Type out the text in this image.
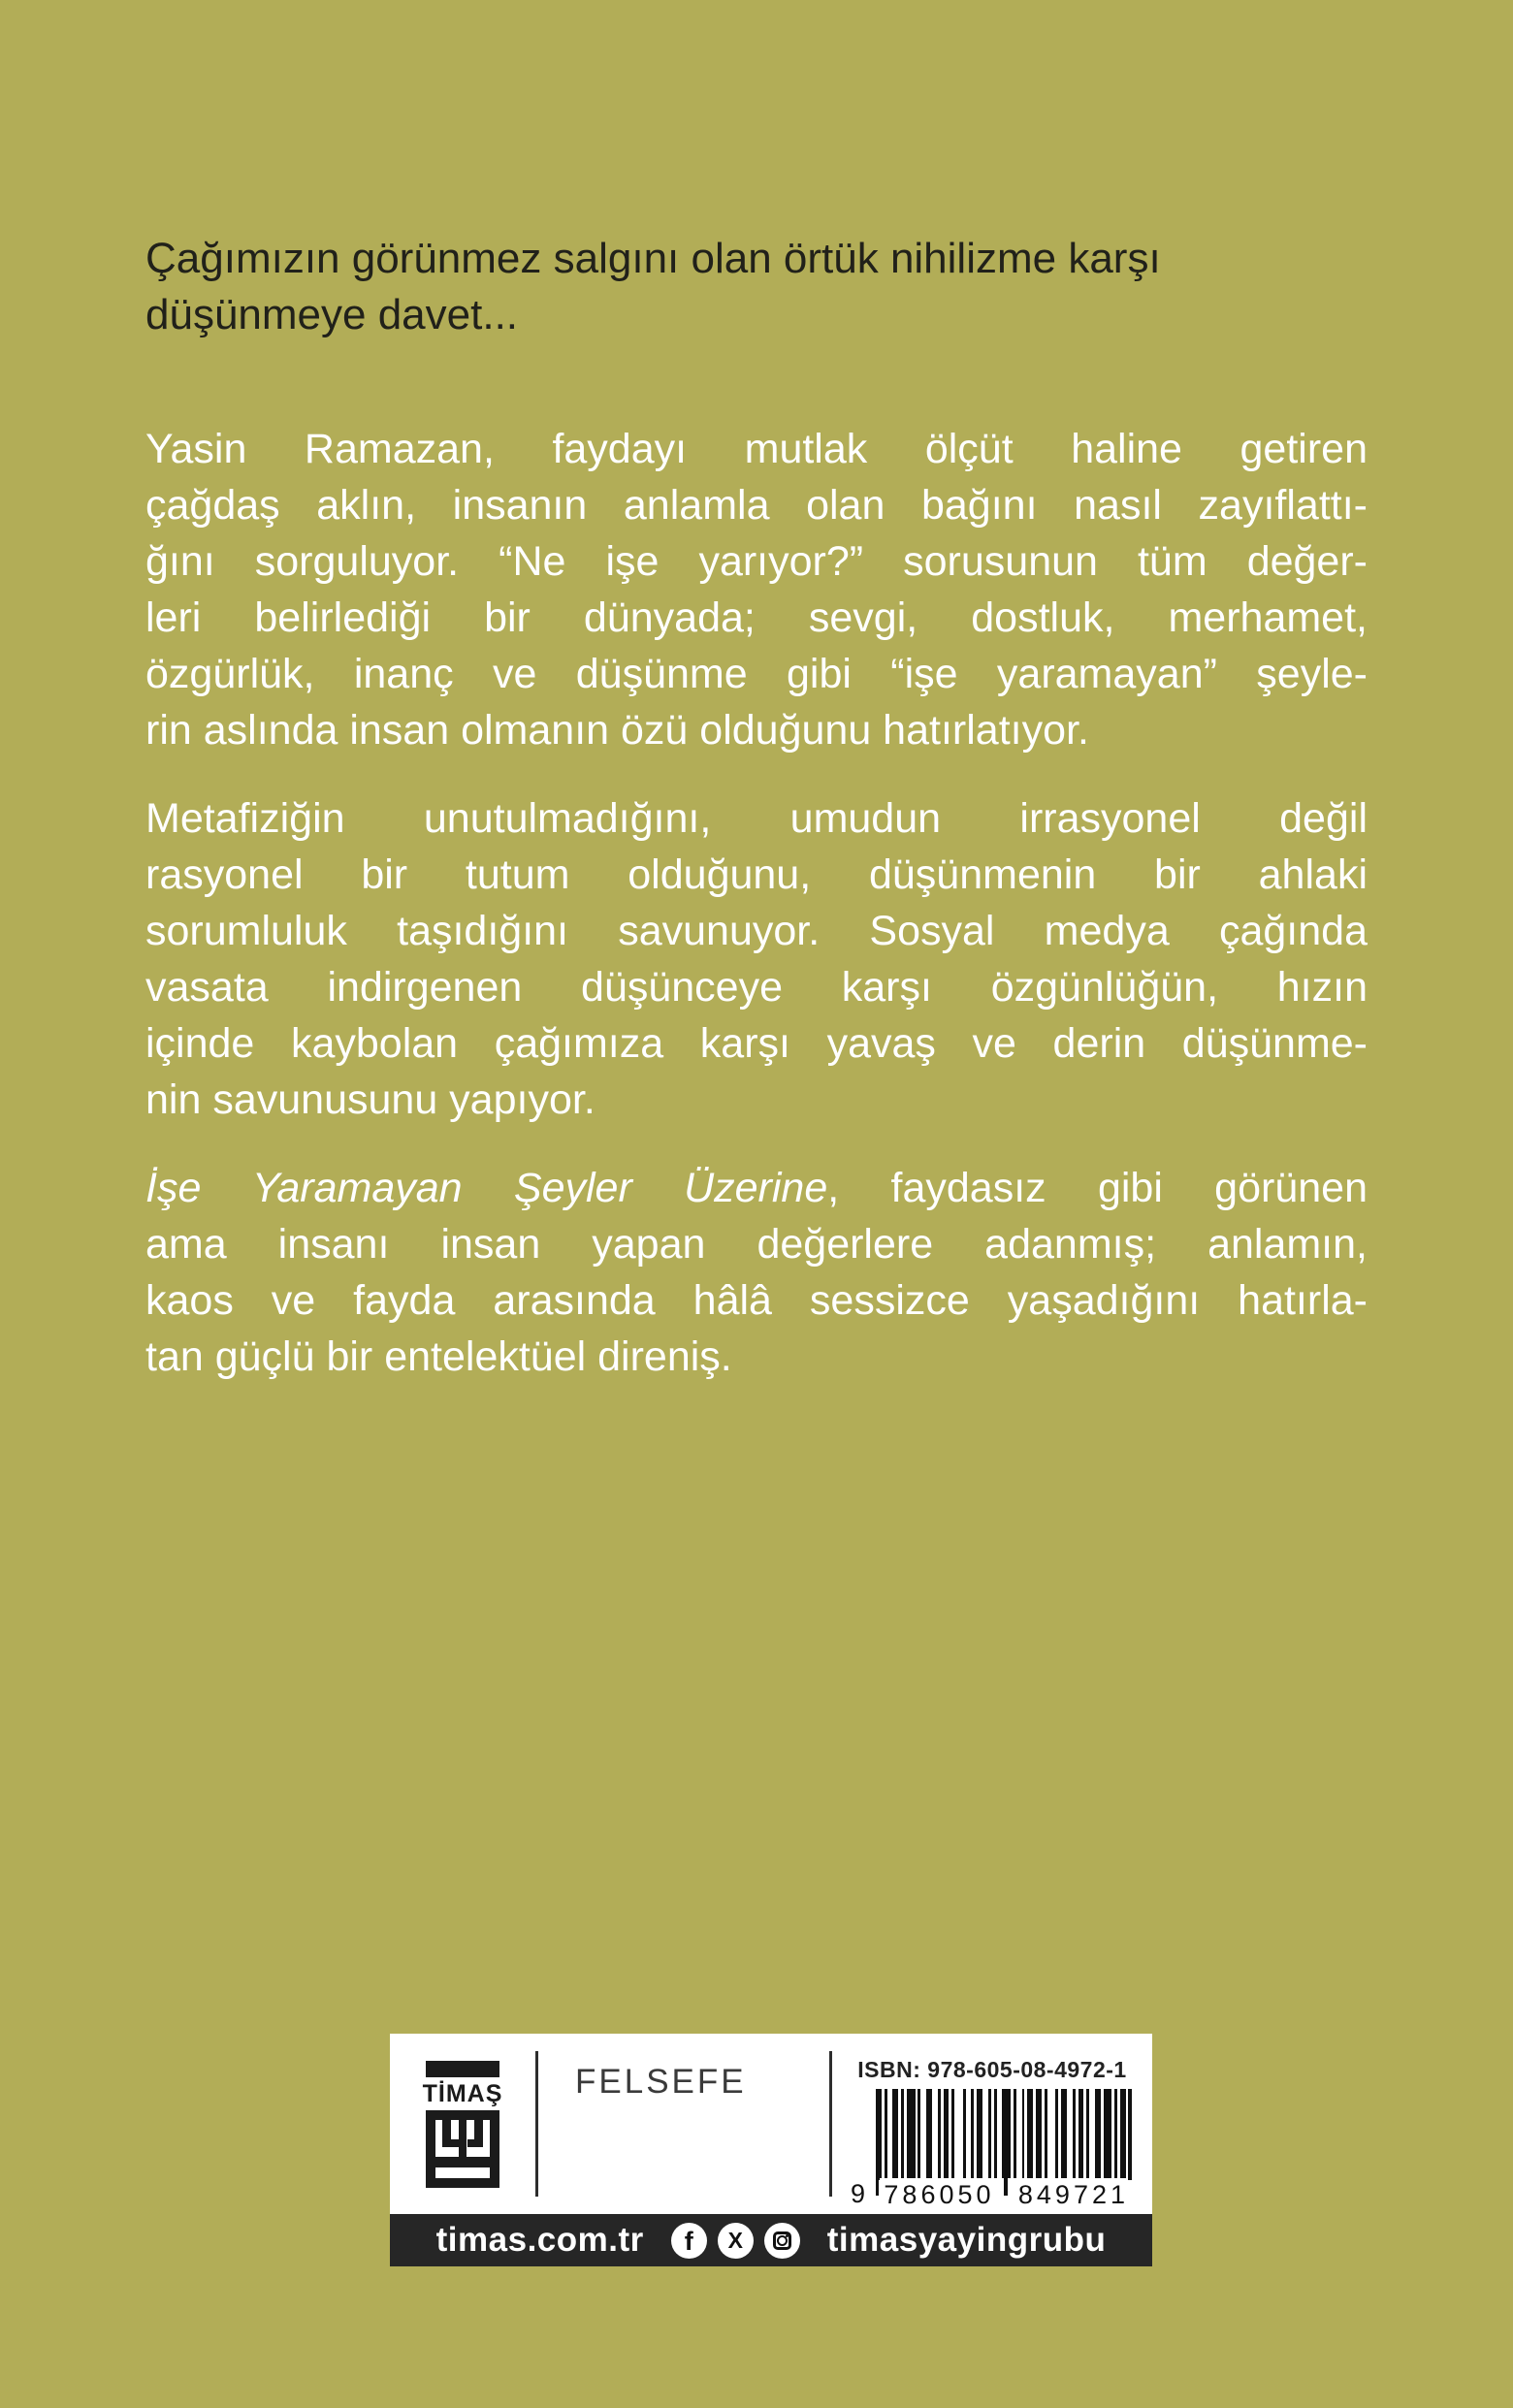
Çağımızın görünmez salgını olan örtük nihilizme karşı
düşünmeye davet...
Yasin Ramazan, faydayı mutlak ölçüt haline getiren
çağdaş aklın, insanın anlamla olan bağını nasıl zayıflattı-
ğını sorguluyor. “Ne işe yarıyor?” sorusunun tüm değer-
leri belirlediği bir dünyada; sevgi, dostluk, merhamet,
özgürlük, inanç ve düşünme gibi “işe yaramayan” şeyle-
rin aslında insan olmanın özü olduğunu hatırlatıyor.
Metafiziğin unutulmadığını, umudun irrasyonel değil
rasyonel bir tutum olduğunu, düşünmenin bir ahlaki
sorumluluk taşıdığını savunuyor. Sosyal medya çağında
vasata indirgenen düşünceye karşı özgünlüğün, hızın
içinde kaybolan çağımıza karşı yavaş ve derin düşünme-
nin savunusunu yapıyor.
İşe Yaramayan Şeyler Üzerine, faydasız gibi görünen
ama insanı insan yapan değerlere adanmış; anlamın,
kaos ve fayda arasında hâlâ sessizce yaşadığını hatırla-
tan güçlü bir entelektüel direniş.
TİMAŞ FELSEFE	ISBN: 978-605-08-4972-1
9 786050 849721
timas.com.tr f X	timasyayingrubu
